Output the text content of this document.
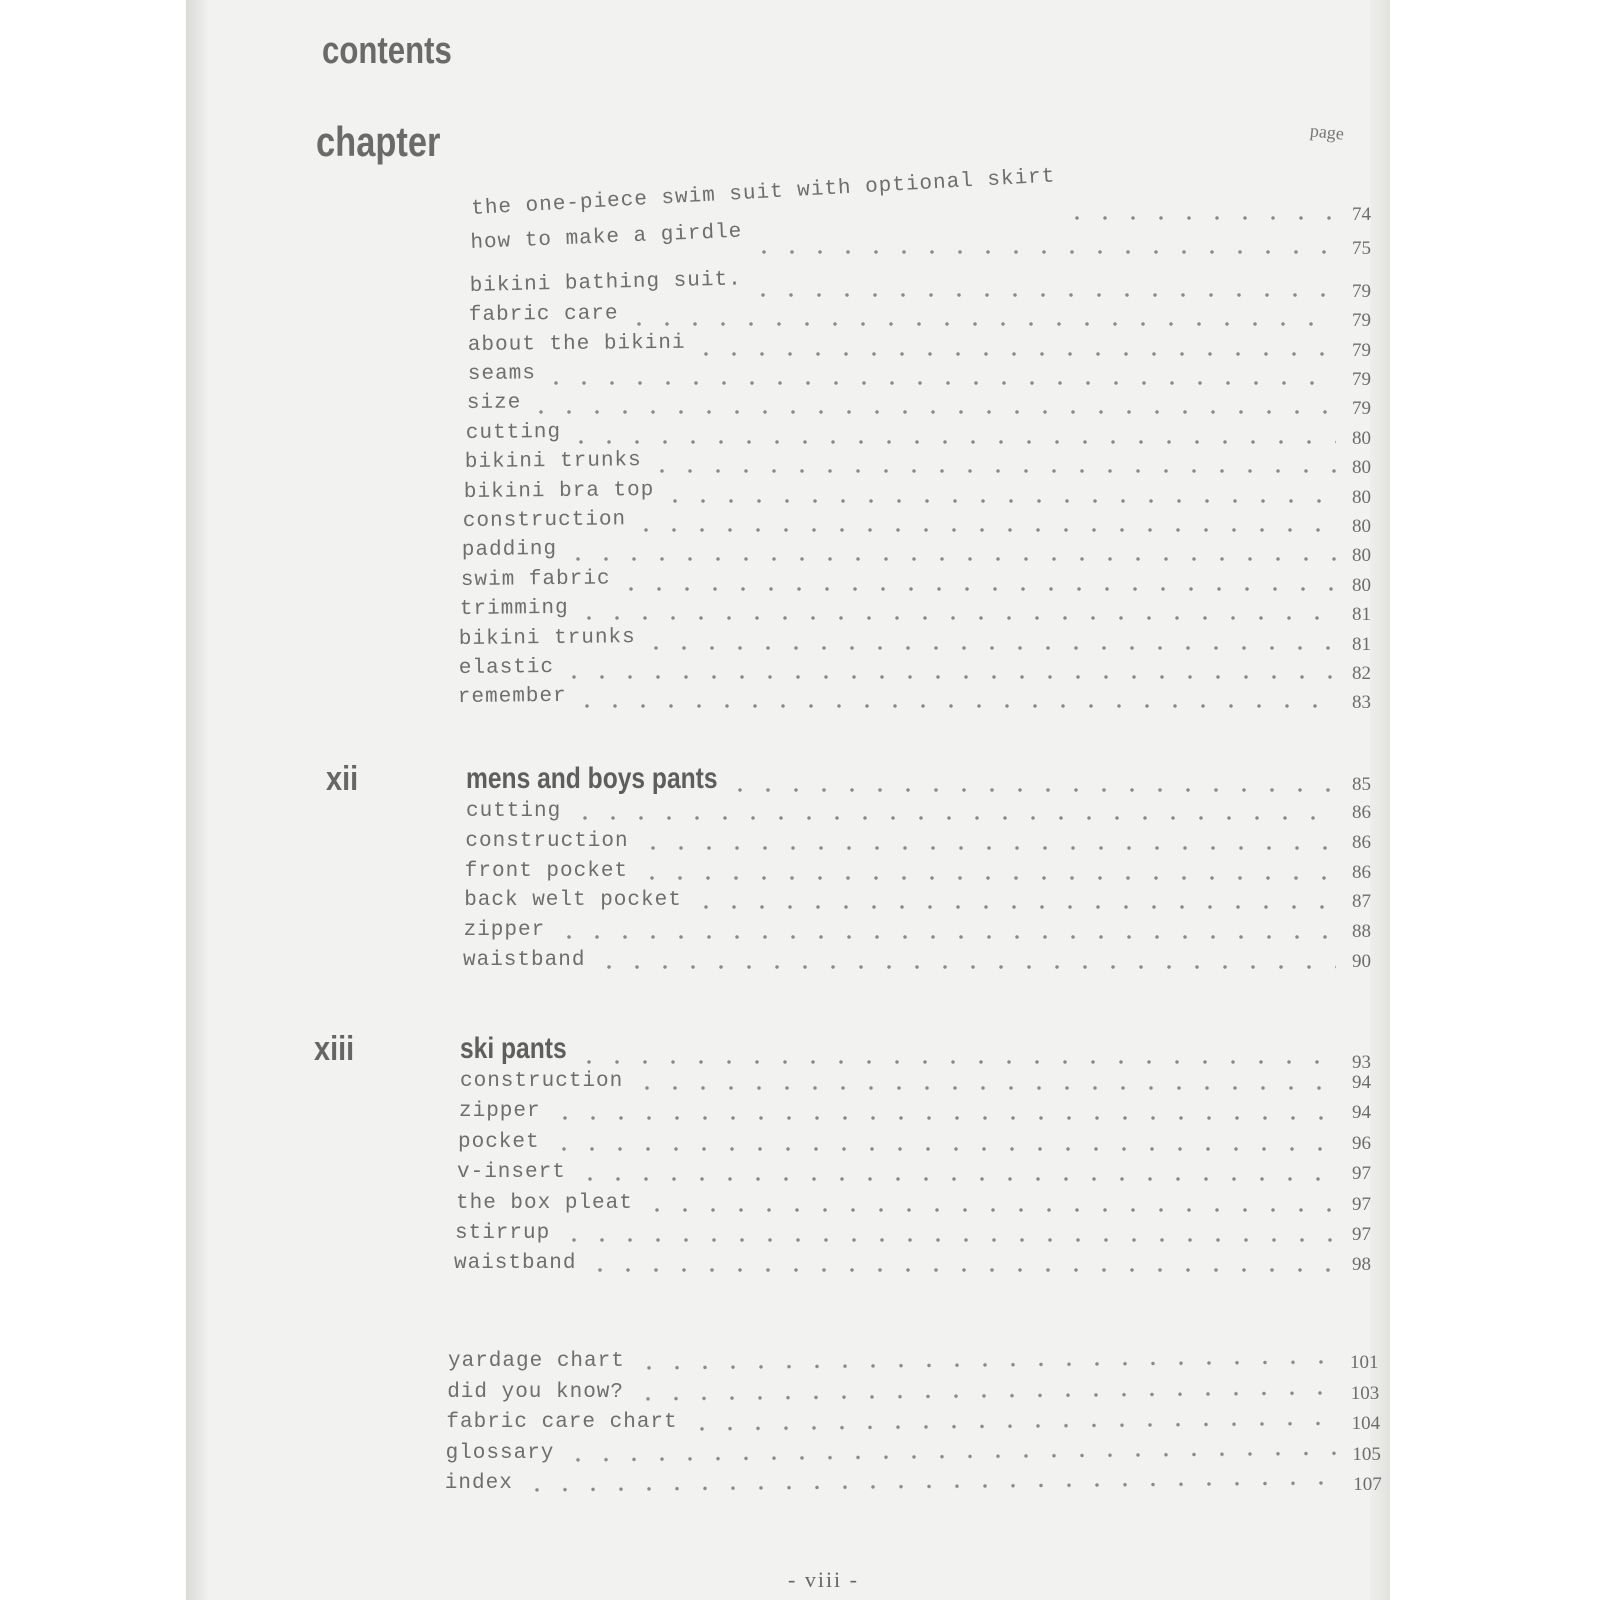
contents
chapter	page
the one-piece swim suit with optional skirt	74
how to make a girdle	75
bikini bathing suit.	79
fabric care	79
about the bikini	79
seams	79
size	79
cutting	80
bikini trunks	80
bikini bra top	80
construction	80
padding	80
swim fabric	80
trimming	81
bikini trunks	81
elastic	82
remember	83
xii	mens and boys pants	85
cutting	86
construction	86
front pocket	86
back welt pocket	87
zipper	88
waistband	90
xiii	ski pants	93
construction	94
zipper	94
pocket	96
v-insert	97
the box pleat	97
stirrup	97
waistband	98
yardage chart	101
did you know?	103
fabric care chart	104
glossary	105
index	107
- viii -
